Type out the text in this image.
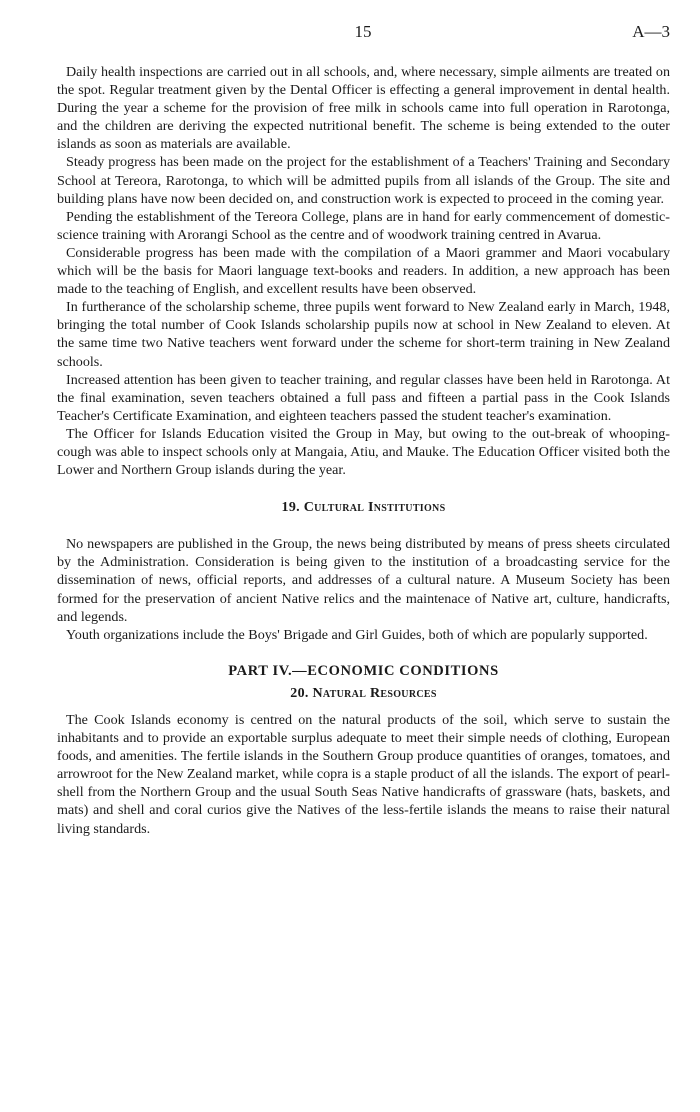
15	A—3

Daily health inspections are carried out in all schools, and, where necessary, simple ailments are treated on the spot. Regular treatment given by the Dental Officer is effecting a general improvement in dental health. During the year a scheme for the provision of free milk in schools came into full operation in Rarotonga, and the children are deriving the expected nutritional benefit. The scheme is being extended to the outer islands as soon as materials are available.

Steady progress has been made on the project for the establishment of a Teachers' Training and Secondary School at Tereora, Rarotonga, to which will be admitted pupils from all islands of the Group. The site and building plans have now been decided on, and construction work is expected to proceed in the coming year.

Pending the establishment of the Tereora College, plans are in hand for early commencement of domestic-science training with Arorangi School as the centre and of woodwork training centred in Avarua.

Considerable progress has been made with the compilation of a Maori grammer and Maori vocabulary which will be the basis for Maori language text-books and readers. In addition, a new approach has been made to the teaching of English, and excellent results have been observed.

In furtherance of the scholarship scheme, three pupils went forward to New Zealand early in March, 1948, bringing the total number of Cook Islands scholarship pupils now at school in New Zealand to eleven. At the same time two Native teachers went forward under the scheme for short-term training in New Zealand schools.

Increased attention has been given to teacher training, and regular classes have been held in Rarotonga. At the final examination, seven teachers obtained a full pass and fifteen a partial pass in the Cook Islands Teacher's Certificate Examination, and eighteen teachers passed the student teacher's examination.

The Officer for Islands Education visited the Group in May, but owing to the out-break of whooping-cough was able to inspect schools only at Mangaia, Atiu, and Mauke. The Education Officer visited both the Lower and Northern Group islands during the year.

19. Cultural Institutions

No newspapers are published in the Group, the news being distributed by means of press sheets circulated by the Administration. Consideration is being given to the institution of a broadcasting service for the dissemination of news, official reports, and addresses of a cultural nature. A Museum Society has been formed for the preservation of ancient Native relics and the maintenace of Native art, culture, handicrafts, and legends.

Youth organizations include the Boys' Brigade and Girl Guides, both of which are popularly supported.

PART IV.—ECONOMIC CONDITIONS
20. Natural Resources

The Cook Islands economy is centred on the natural products of the soil, which serve to sustain the inhabitants and to provide an exportable surplus adequate to meet their simple needs of clothing, European foods, and amenities. The fertile islands in the Southern Group produce quantities of oranges, tomatoes, and arrowroot for the New Zealand market, while copra is a staple product of all the islands. The export of pearl-shell from the Northern Group and the usual South Seas Native handicrafts of grassware (hats, baskets, and mats) and shell and coral curios give the Natives of the less-fertile islands the means to raise their natural living standards.
